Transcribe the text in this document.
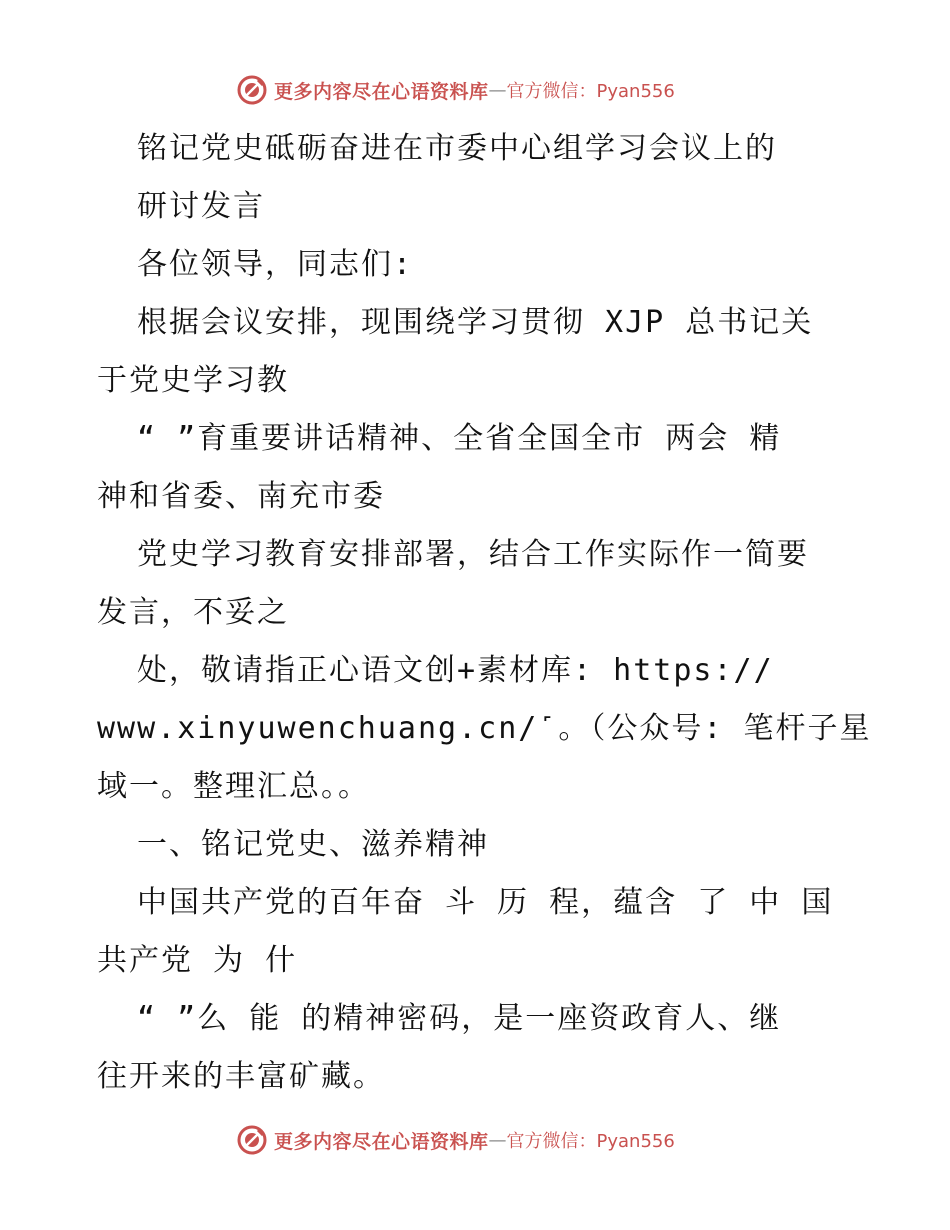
更多内容尽在心语资料库 — 官方微信：Pyan556
铭记党史砥砺奋进在市委中心组学习会议上的
研讨发言
各位领导，同志们:
根据会议安排，现围绕学习贯彻 XJP 总书记关
于党史学习教
“ ”育重要讲话精神、全省全国全市 两会 精
神和省委、南充市委
党史学习教育安排部署，结合工作实际作一简要
发言，不妥之
处，敬请指正心语文创+素材库: https://
www.xinyuwenchuang.cn/˹。（公众号: 笔杆子星
域一。整理汇总。。
一、铭记党史、滋养精神
中国共产党的百年奋 斗 历 程，蕴含 了 中 国
共产党 为 什
“ ”么 能 的精神密码，是一座资政育人、继
往开来的丰富矿藏。
更多内容尽在心语资料库 — 官方微信：Pyan556
